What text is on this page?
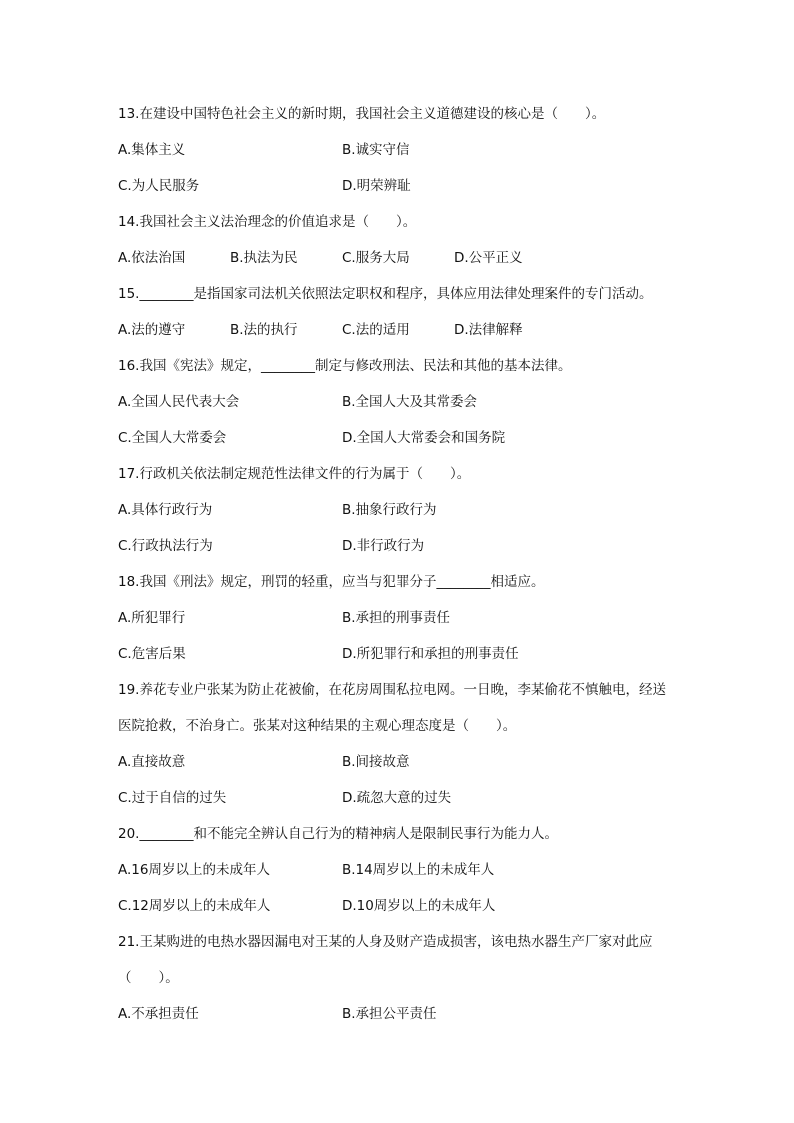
13.在建设中国特色社会主义的新时期，我国社会主义道德建设的核心是（　　）。
A.集体主义	B.诚实守信
C.为人民服务	D.明荣辨耻
14.我国社会主义法治理念的价值追求是（　　）。
A.依法治国	B.执法为民	C.服务大局	D.公平正义
15.________是指国家司法机关依照法定职权和程序，具体应用法律处理案件的专门活动。
A.法的遵守	B.法的执行	C.法的适用	D.法律解释
16.我国《宪法》规定，________制定与修改刑法、民法和其他的基本法律。
A.全国人民代表大会	B.全国人大及其常委会
C.全国人大常委会	D.全国人大常委会和国务院
17.行政机关依法制定规范性法律文件的行为属于（　　）。
A.具体行政行为	B.抽象行政行为
C.行政执法行为	D.非行政行为
18.我国《刑法》规定，刑罚的轻重，应当与犯罪分子________相适应。
A.所犯罪行	B.承担的刑事责任
C.危害后果	D.所犯罪行和承担的刑事责任
19.养花专业户张某为防止花被偷，在花房周围私拉电网。一日晚，李某偷花不慎触电，经送医院抢救，不治身亡。张某对这种结果的主观心理态度是（　　）。
A.直接故意	B.间接故意
C.过于自信的过失	D.疏忽大意的过失
20.________和不能完全辨认自己行为的精神病人是限制民事行为能力人。
A.16周岁以上的未成年人	B.14周岁以上的未成年人
C.12周岁以上的未成年人	D.10周岁以上的未成年人
21.王某购进的电热水器因漏电对王某的人身及财产造成损害，该电热水器生产厂家对此应（　　）。
A.不承担责任	B.承担公平责任
